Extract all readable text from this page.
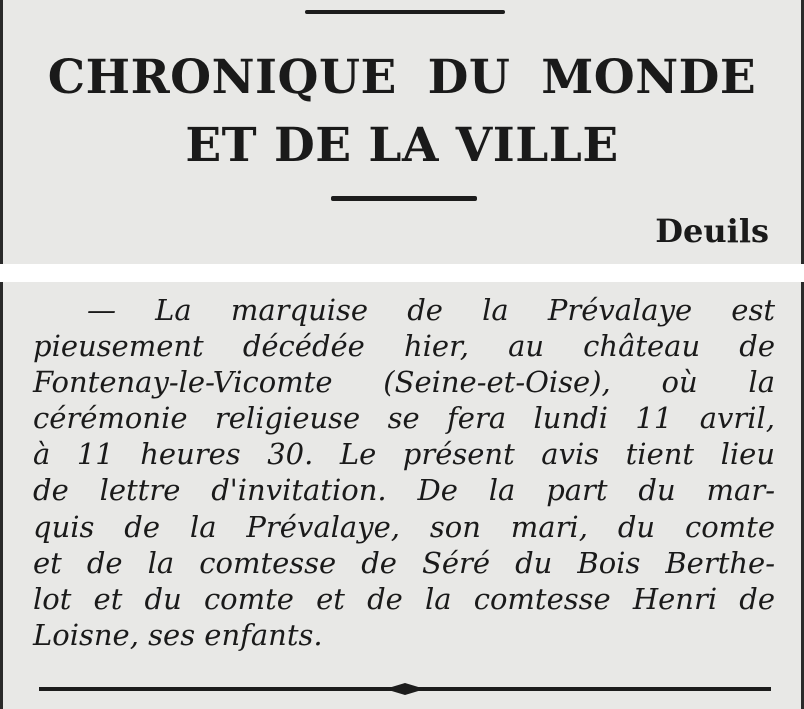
CHRONIQUE DU MONDE
ET DE LA VILLE
Deuils

— La marquise de la Prévalaye est
pieusement décédée hier, au château de
Fontenay-le-Vicomte (Seine-et-Oise), où la
cérémonie religieuse se fera lundi 11 avril,
à 11 heures 30. Le présent avis tient lieu
de lettre d'invitation. De la part du mar-
quis de la Prévalaye, son mari, du comte
et de la comtesse de Séré du Bois Berthe-
lot et du comte et de la comtesse Henri de
Loisne, ses enfants.
